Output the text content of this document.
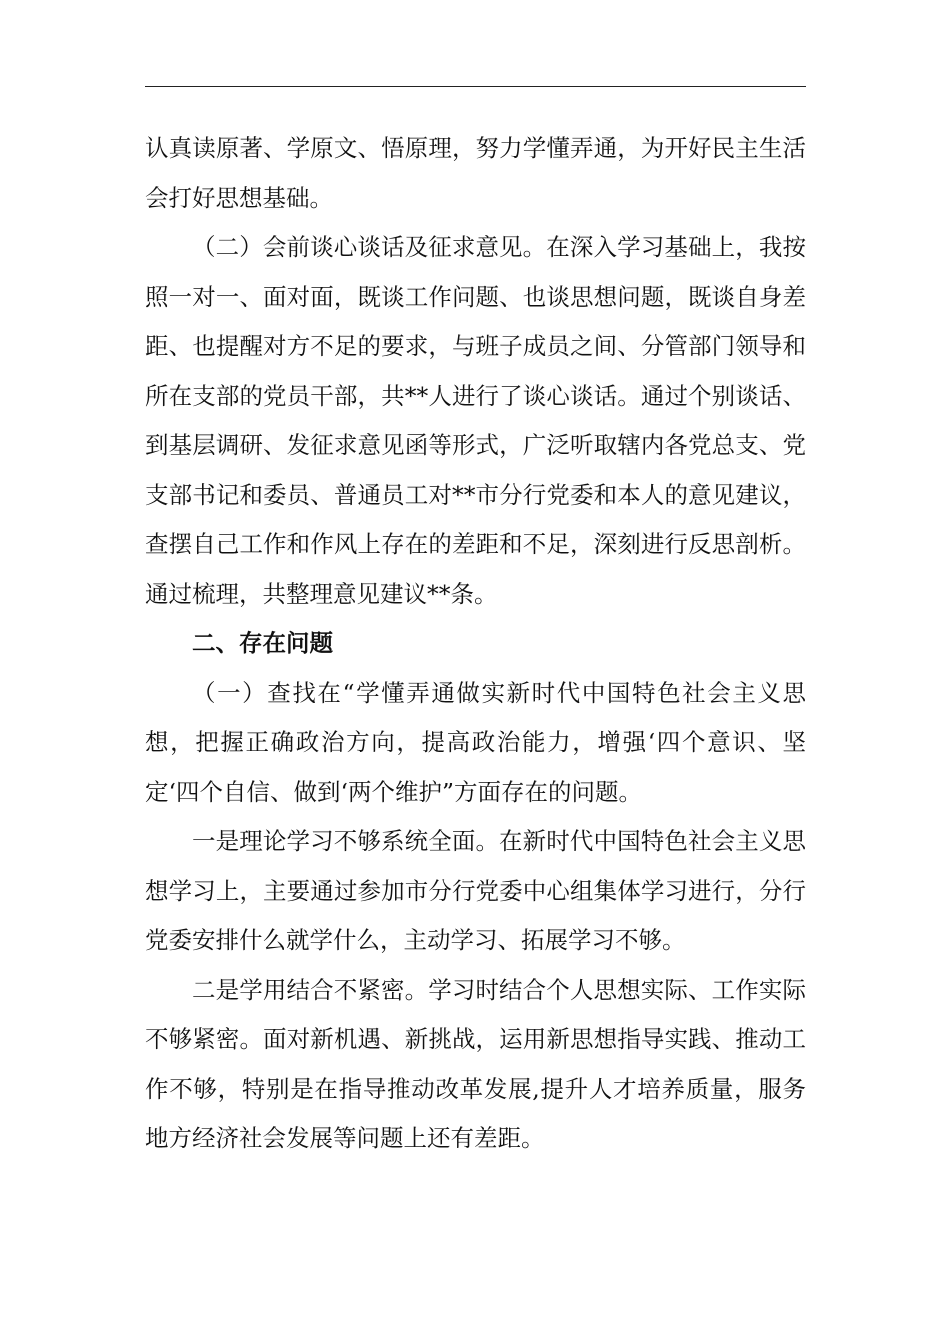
认真读原著、学原文、悟原理，努力学懂弄通，为开好民主生活会打好思想基础。

（二）会前谈心谈话及征求意见。在深入学习基础上，我按照一对一、面对面，既谈工作问题、也谈思想问题，既谈自身差距、也提醒对方不足的要求，与班子成员之间、分管部门领导和所在支部的党员干部，共**人进行了谈心谈话。通过个别谈话、到基层调研、发征求意见函等形式，广泛听取辖内各党总支、党支部书记和委员、普通员工对**市分行党委和本人的意见建议，查摆自己工作和作风上存在的差距和不足，深刻进行反思剖析。通过梳理，共整理意见建议**条。

二、存在问题

（一）查找在“学懂弄通做实新时代中国特色社会主义思想，把握正确政治方向，提高政治能力，增强‘四个意识、坚定‘四个自信、做到‘两个维护”方面存在的问题。

一是理论学习不够系统全面。在新时代中国特色社会主义思想学习上，主要通过参加市分行党委中心组集体学习进行，分行党委安排什么就学什么，主动学习、拓展学习不够。

二是学用结合不紧密。学习时结合个人思想实际、工作实际不够紧密。面对新机遇、新挑战，运用新思想指导实践、推动工作不够，特别是在指导推动改革发展,提升人才培养质量，服务地方经济社会发展等问题上还有差距。
